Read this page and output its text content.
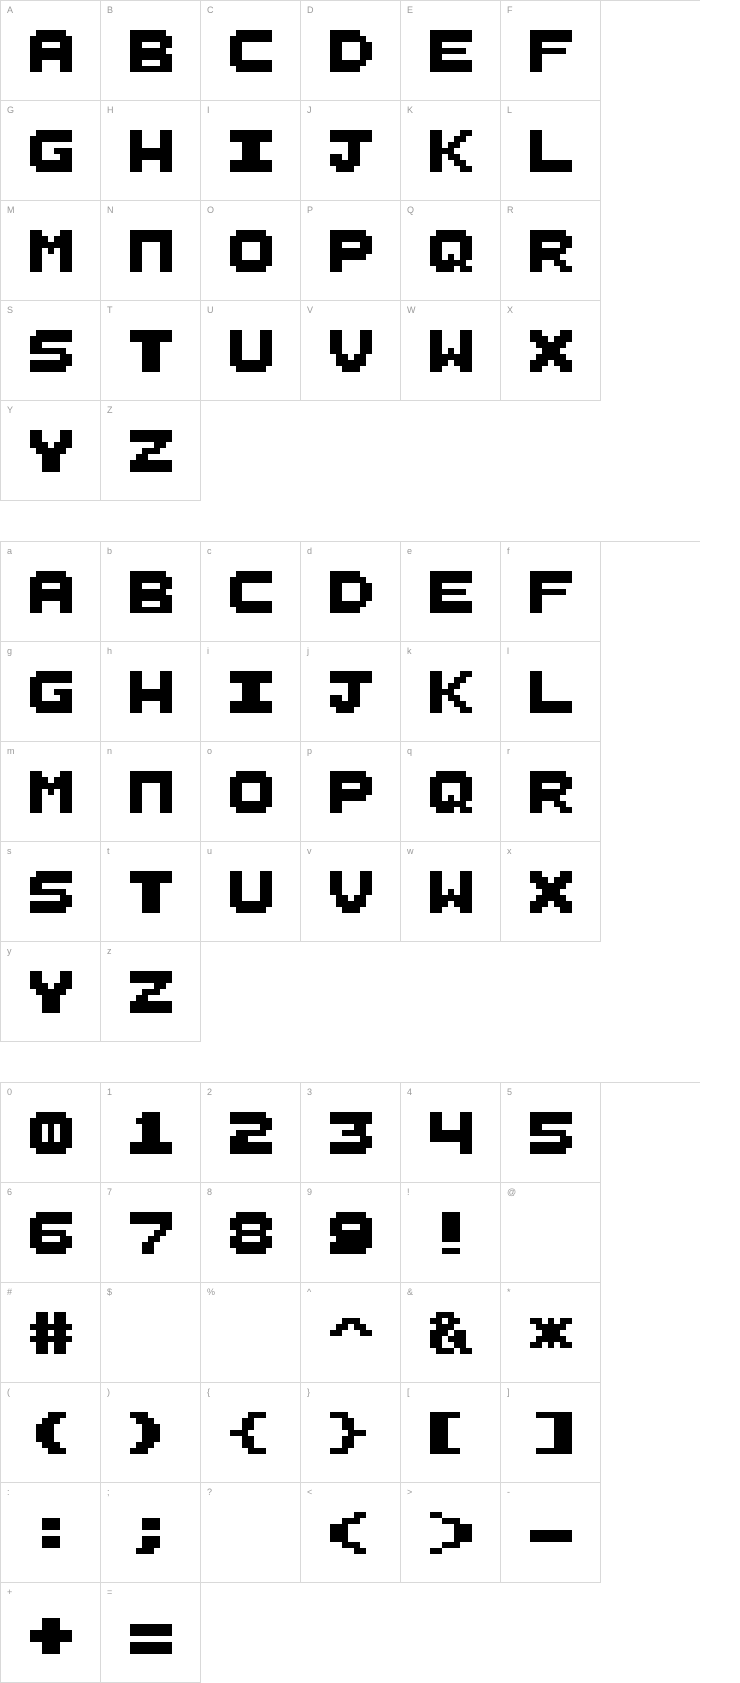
A	B	C	D	E	F
G	H	I	J	K	L
M	N	O	P	Q	R
S	T	U	V	W	X
Y	Z
a	b	c	d	e	f
g	h	i	j	k	l
m	n	o	p	q	r
s	t	u	v	w	x
y	z
0	1	2	3	4	5
6	7	8	9	!	@
#	$	%	^	&	*
(	)	{	}	[	]
:	;	?	<	>	-
+	=
